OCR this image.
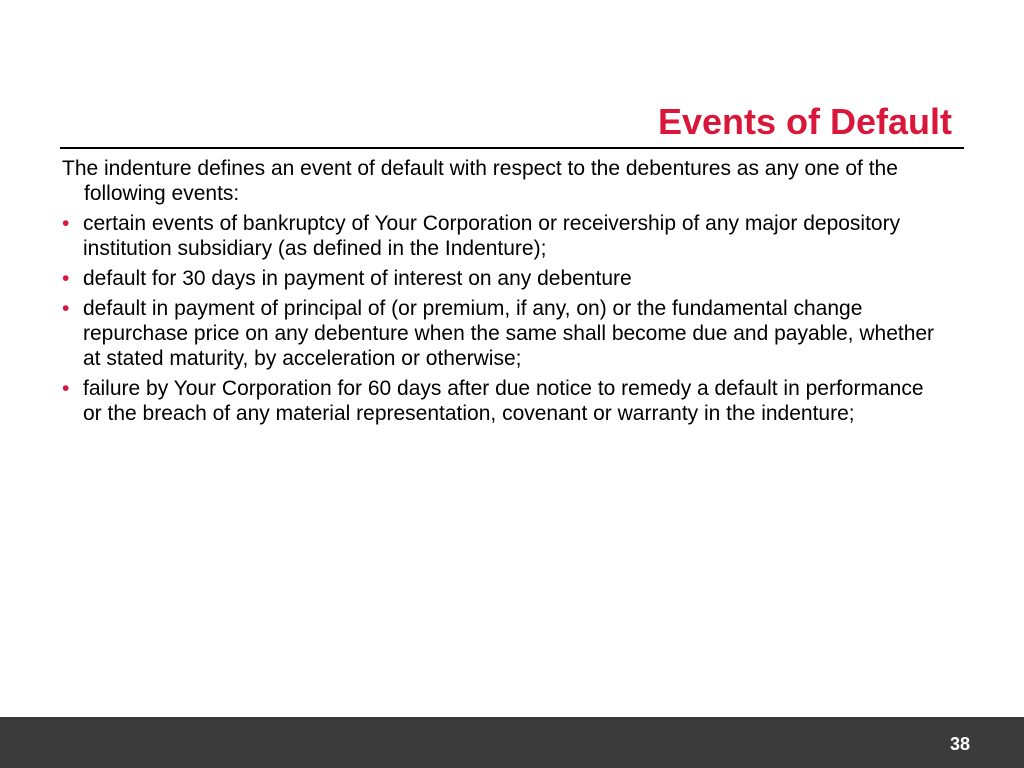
Events of Default

The indenture defines an event of default with respect to the debentures as any one of the following events:

• certain events of bankruptcy of Your Corporation or receivership of any major depository institution subsidiary (as defined in the Indenture);
• default for 30 days in payment of interest on any debenture
• default in payment of principal of (or premium, if any, on) or the fundamental change repurchase price on any debenture when the same shall become due and payable, whether at stated maturity, by acceleration or otherwise;
• failure by Your Corporation for 60 days after due notice to remedy a default in performance or the breach of any material representation, covenant or warranty in the indenture;
38
